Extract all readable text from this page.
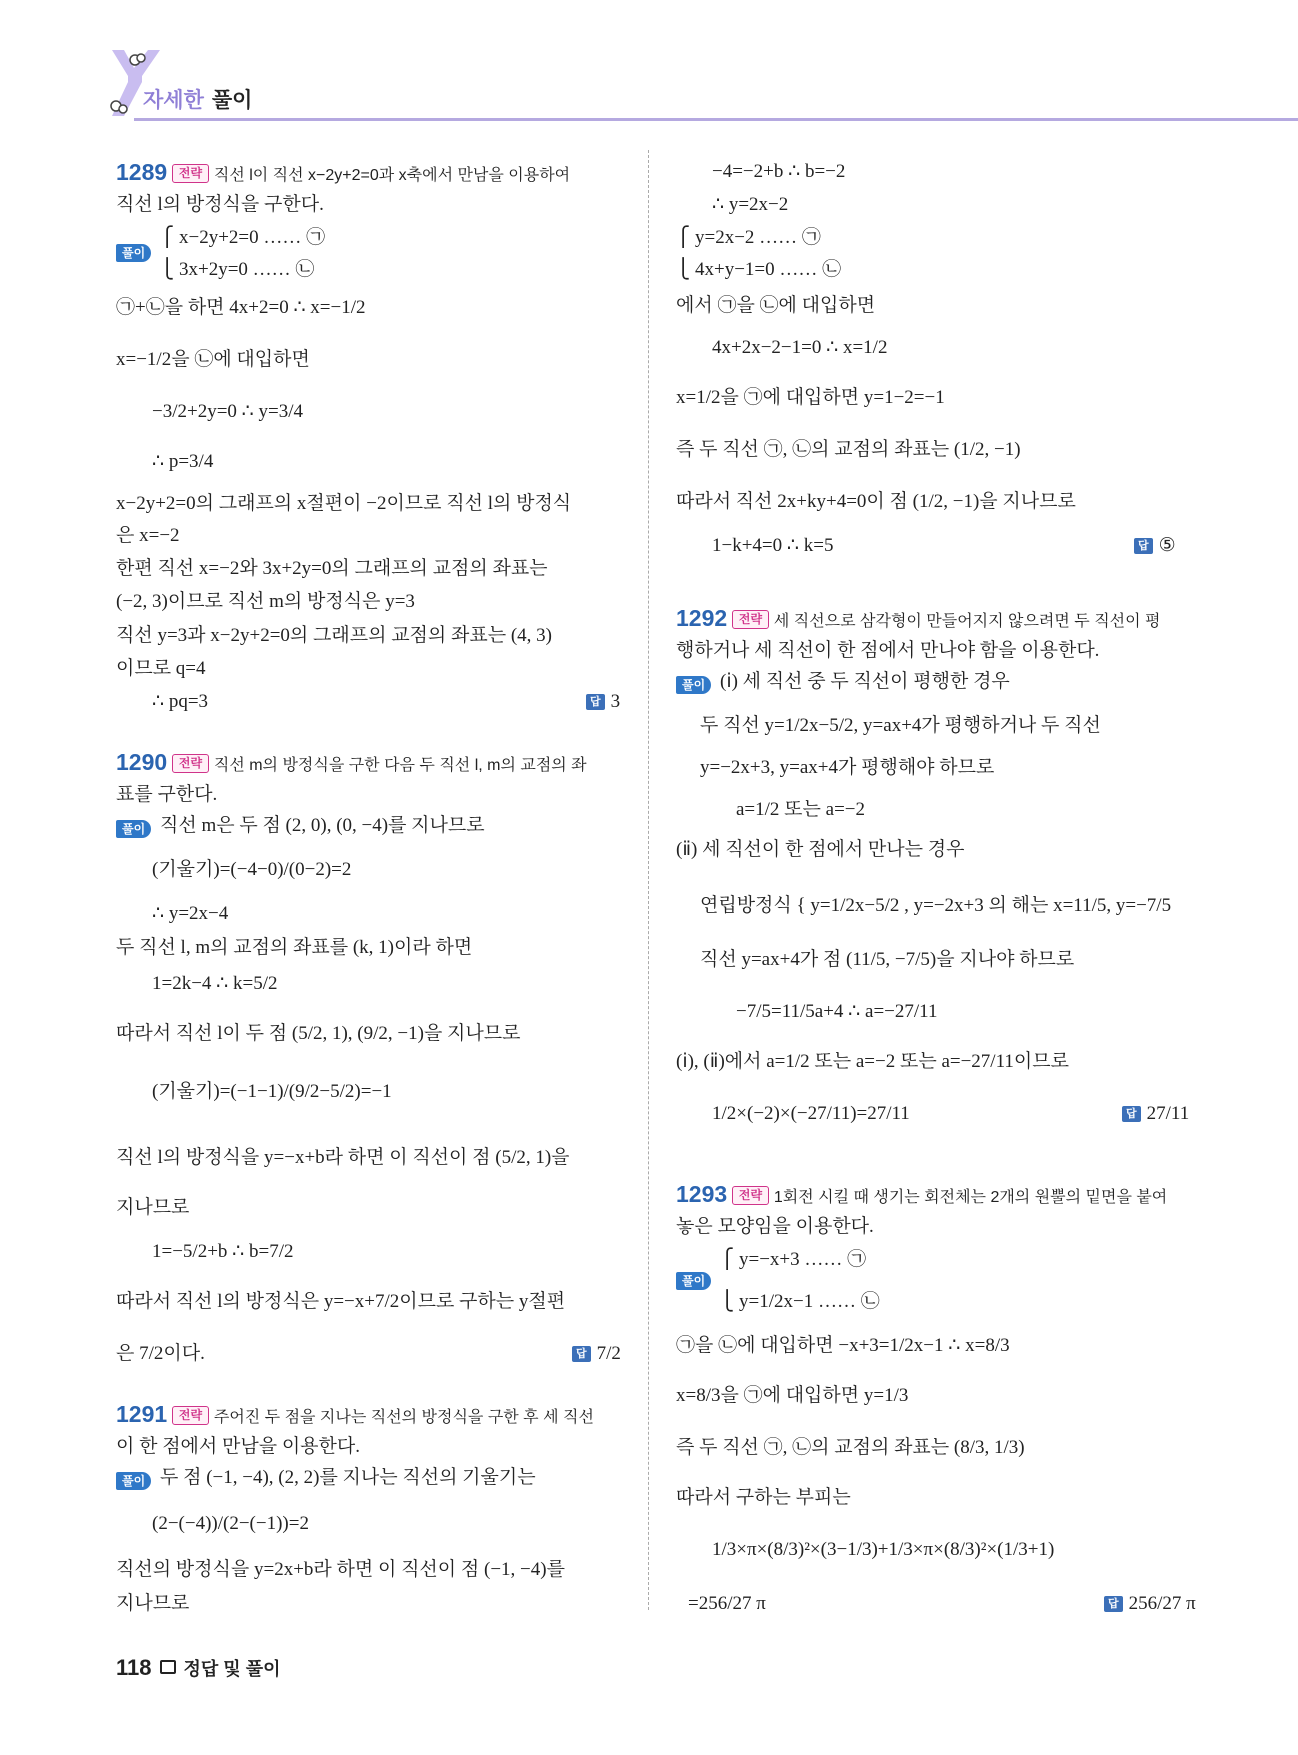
자세한 풀이
1289 전략 직선 l이 직선 x−2y+2=0과 x축에서 만남을 이용하여
직선 l의 방정식을 구한다.
풀이
⎧ x−2y+2=0 …… ㉠
⎩ 3x+2y=0 …… ㉡
㉠+㉡을 하면 4x+2=0 ∴ x=−1/2
x=−1/2을 ㉡에 대입하면
−3/2+2y=0 ∴ y=3/4
∴ p=3/4
x−2y+2=0의 그래프의 x절편이 −2이므로 직선 l의 방정식
은 x=−2
한편 직선 x=−2와 3x+2y=0의 그래프의 교점의 좌표는
(−2, 3)이므로 직선 m의 방정식은 y=3
직선 y=3과 x−2y+2=0의 그래프의 교점의 좌표는 (4, 3)
이므로 q=4
∴ pq=3	답 3
1290 전략 직선 m의 방정식을 구한 다음 두 직선 l, m의 교점의 좌
표를 구한다.
풀이 직선 m은 두 점 (2, 0), (0, −4)를 지나므로
(기울기)=(−4−0)/(0−2)=2
∴ y=2x−4
두 직선 l, m의 교점의 좌표를 (k, 1)이라 하면
1=2k−4 ∴ k=5/2
따라서 직선 l이 두 점 (5/2, 1), (9/2, −1)을 지나므로
(기울기)=(−1−1)/(9/2−5/2)=−1
직선 l의 방정식을 y=−x+b라 하면 이 직선이 점 (5/2, 1)을
지나므로
1=−5/2+b ∴ b=7/2
따라서 직선 l의 방정식은 y=−x+7/2이므로 구하는 y절편
은 7/2이다.	답 7/2
1291 전략 주어진 두 점을 지나는 직선의 방정식을 구한 후 세 직선
이 한 점에서 만남을 이용한다.
풀이 두 점 (−1, −4), (2, 2)를 지나는 직선의 기울기는
(2−(−4))/(2−(−1))=2
직선의 방정식을 y=2x+b라 하면 이 직선이 점 (−1, −4)를
지나므로
−4=−2+b ∴ b=−2
∴ y=2x−2
⎧ y=2x−2 …… ㉠
⎩ 4x+y−1=0 …… ㉡
에서 ㉠을 ㉡에 대입하면
4x+2x−2−1=0 ∴ x=1/2
x=1/2을 ㉠에 대입하면 y=1−2=−1
즉 두 직선 ㉠, ㉡의 교점의 좌표는 (1/2, −1)
따라서 직선 2x+ky+4=0이 점 (1/2, −1)을 지나므로
1−k+4=0 ∴ k=5	답 ⑤
1292 전략 세 직선으로 삼각형이 만들어지지 않으려면 두 직선이 평
행하거나 세 직선이 한 점에서 만나야 함을 이용한다.
풀이 (ⅰ) 세 직선 중 두 직선이 평행한 경우
두 직선 y=1/2x−5/2, y=ax+4가 평행하거나 두 직선
y=−2x+3, y=ax+4가 평행해야 하므로
a=1/2 또는 a=−2
(ⅱ) 세 직선이 한 점에서 만나는 경우
연립방정식 { y=1/2x−5/2 , y=−2x+3 의 해는 x=11/5, y=−7/5
직선 y=ax+4가 점 (11/5, −7/5)을 지나야 하므로
−7/5=11/5a+4 ∴ a=−27/11
(ⅰ), (ⅱ)에서 a=1/2 또는 a=−2 또는 a=−27/11이므로
1/2×(−2)×(−27/11)=27/11	답 27/11
1293 전략 1회전 시킬 때 생기는 회전체는 2개의 원뿔의 밑면을 붙여
놓은 모양임을 이용한다.
풀이
⎧ y=−x+3 …… ㉠
⎩ y=1/2x−1 …… ㉡
㉠을 ㉡에 대입하면 −x+3=1/2x−1 ∴ x=8/3
x=8/3을 ㉠에 대입하면 y=1/3
즉 두 직선 ㉠, ㉡의 교점의 좌표는 (8/3, 1/3)
따라서 구하는 부피는
1/3×π×(8/3)²×(3−1/3)+1/3×π×(8/3)²×(1/3+1)
=256/27 π	답 256/27 π
118 정답 및 풀이
